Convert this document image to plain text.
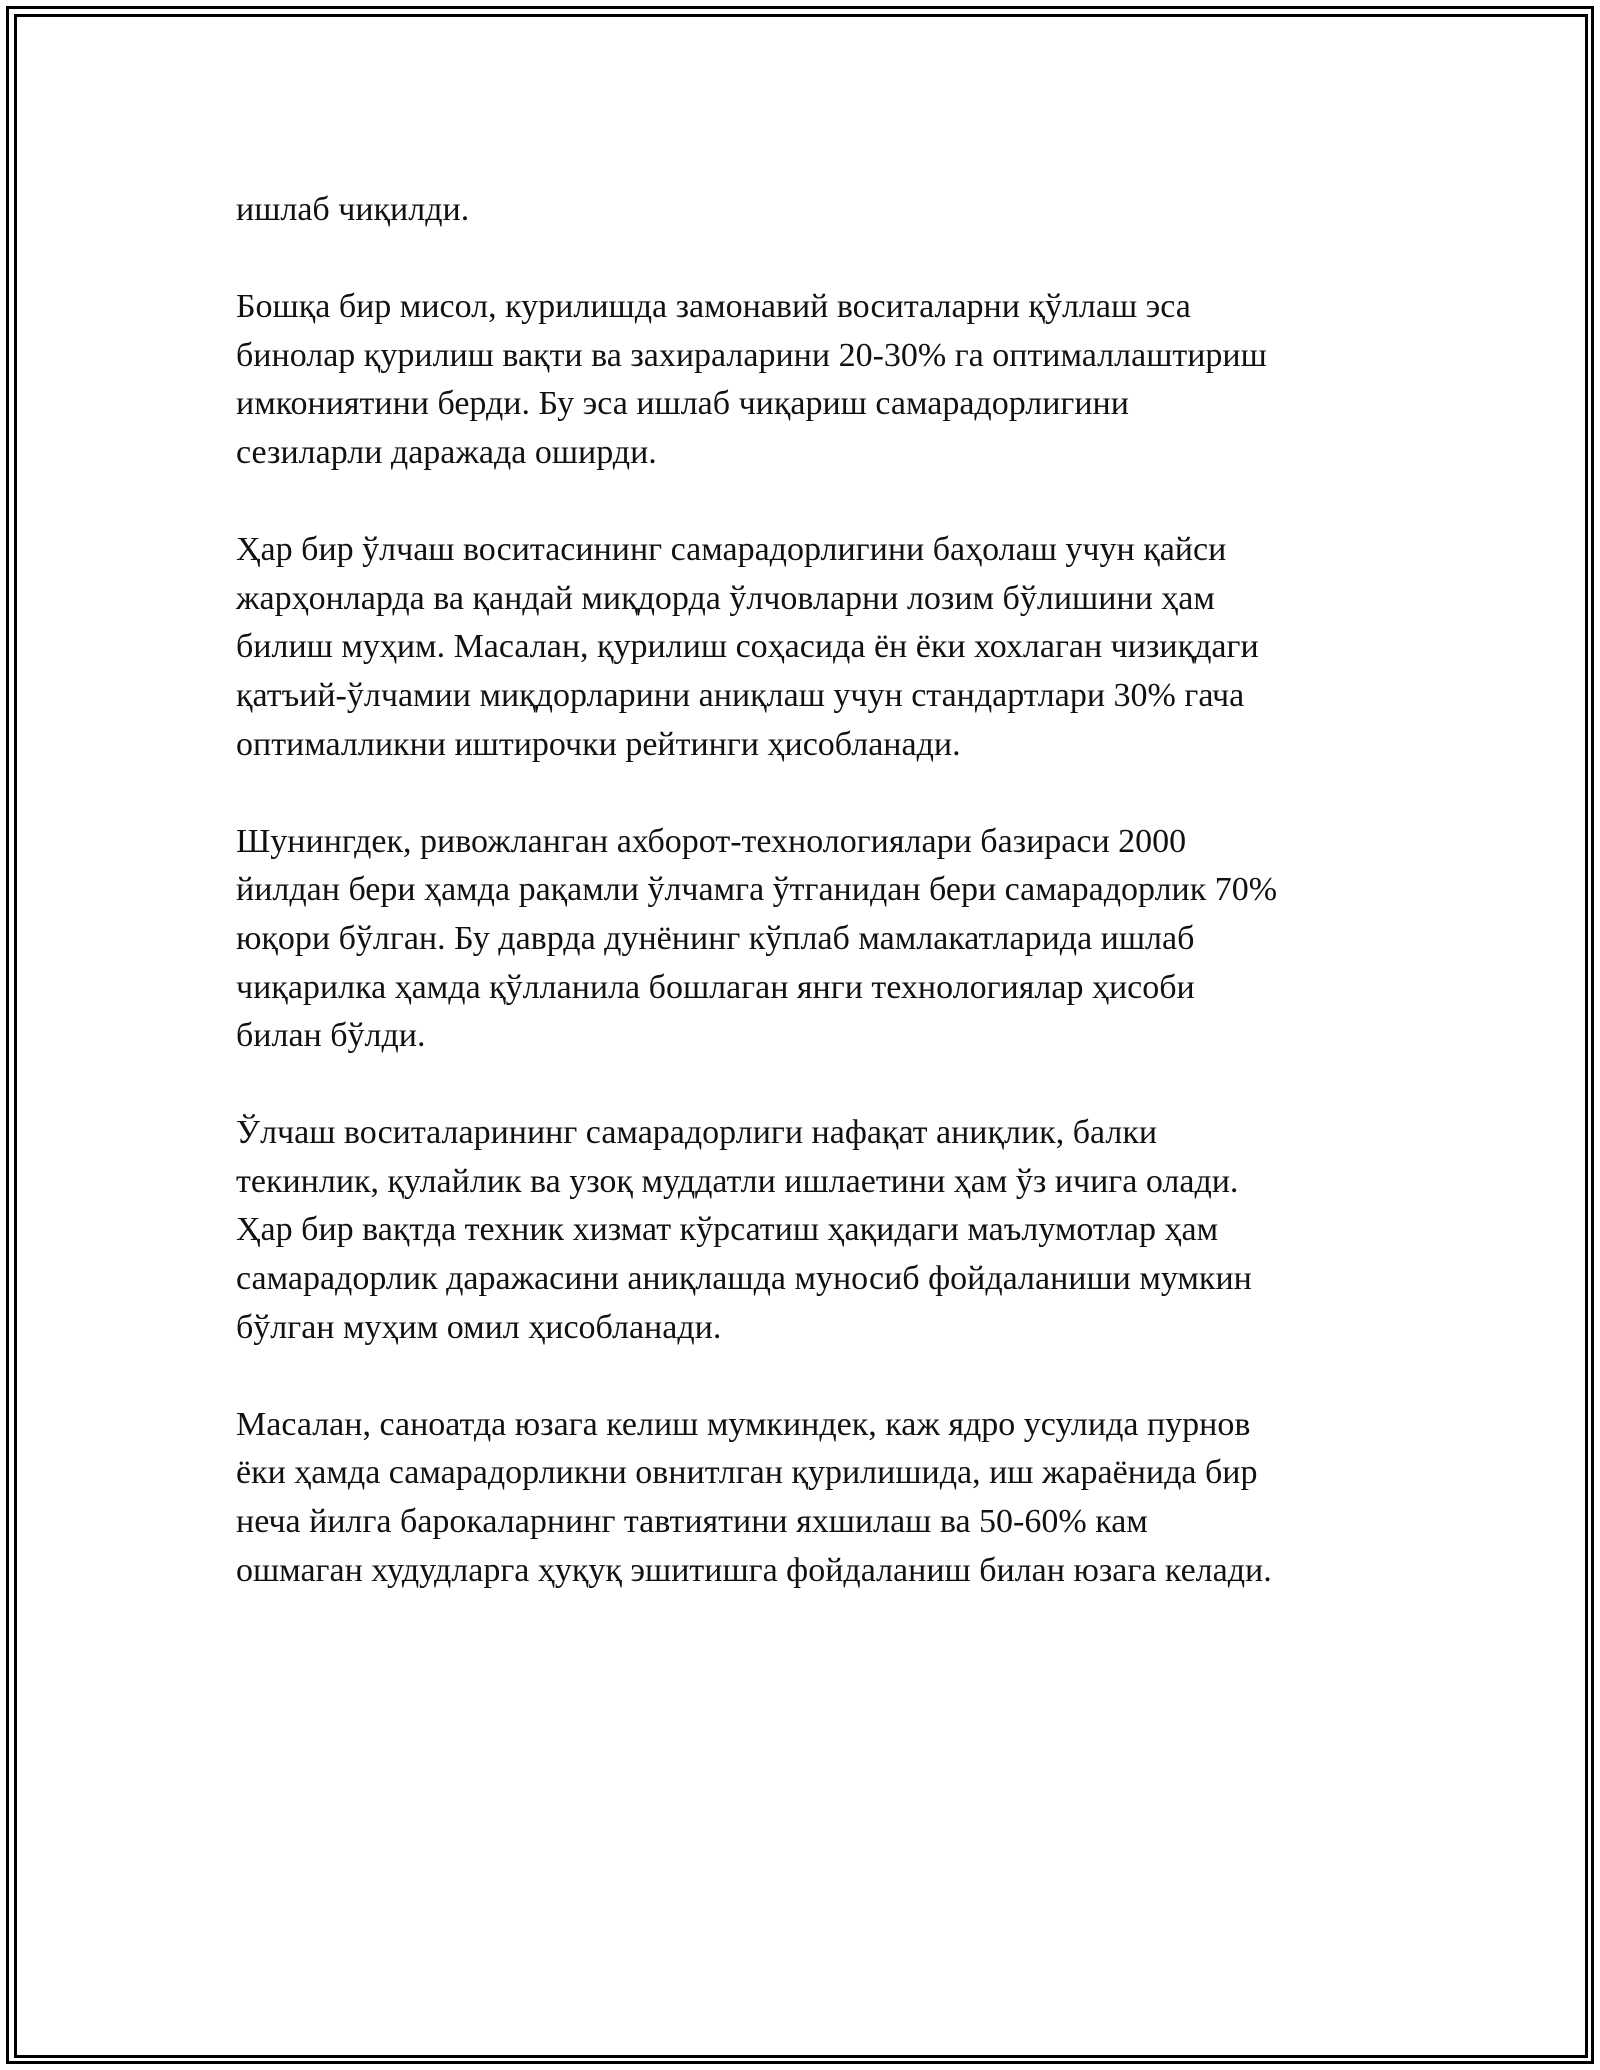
ишлаб чиқилди.

Бошқа бир мисол, курилишда замонавий воситаларни қўллаш эса
бинолар қурилиш вақти ва захираларини 20-30% га оптималлаштириш
имкониятини берди. Бу эса ишлаб чиқариш самарадорлигини
сезиларли даражада оширди.

Ҳар бир ўлчаш воситасининг самарадорлигини баҳолаш учун қайси
жарҳонларда ва қандай миқдорда ўлчовларни лозим бўлишини ҳам
билиш муҳим. Масалан, қурилиш соҳасида ён ёки хохлаган чизиқдаги
қатъий-ўлчамии миқдорларини аниқлаш учун стандартлари 30% гача
оптималликни иштирочки рейтинги ҳисобланади.

Шунингдек, ривожланган ахборот-технологиялари базираси 2000
йилдан бери ҳамда рақамли ўлчамга ўтганидан бери самарадорлик 70%
юқори бўлган. Бу даврда дунёнинг кўплаб мамлакатларида ишлаб
чиқарилка ҳамда қўлланила бошлаган янги технологиялар ҳисоби
билан бўлди.

Ўлчаш воситаларининг самарадорлиги нафақат аниқлик, балки
текинлик, қулайлик ва узоқ муддатли ишлаетини ҳам ўз ичига олади.
Ҳар бир вақтда техник хизмат кўрсатиш ҳақидаги маълумотлар ҳам
самарадорлик даражасини аниқлашда муносиб фойдаланиши мумкин
бўлган муҳим омил ҳисобланади.

Масалан, саноатда юзага келиш мумкиндек, каж ядро усулида пурнов
ёки ҳамда самарадорликни овнитлган қурилишида, иш жараёнида бир
неча йилга барокаларнинг тавтиятини яхшилаш ва 50-60% кам
ошмаган худудларга ҳуқуқ эшитишга фойдаланиш билан юзага келади.
